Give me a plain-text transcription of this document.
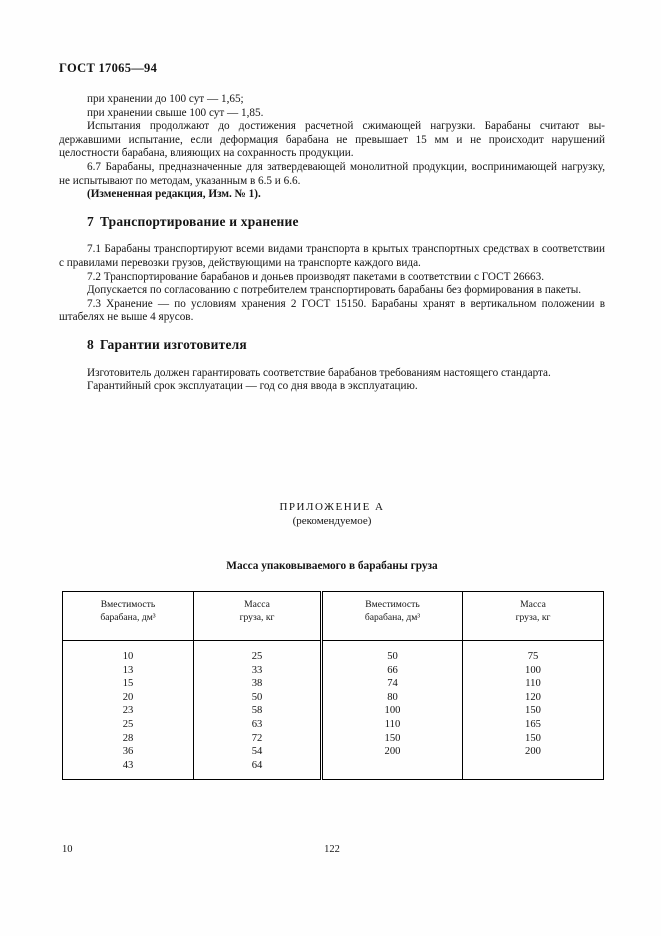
ГОСТ 17065—94

при хранении до 100 сут — 1,65;

при хранении свыше 100 сут — 1,85.

Испытания продолжают до достижения расчетной сжимающей нагрузки. Барабаны считают выдержавшими испытание, если деформация барабана не превышает 15 мм и не происходит нарушений целостности барабана, влияющих на сохранность продукции.

6.7 Барабаны, предназначенные для затвердевающей монолитной продукции, воспринимающей нагрузку, не испытывают по методам, указанным в 6.5 и 6.6.

(Измененная редакция, Изм. № 1).

7 Транспортирование и хранение

7.1 Барабаны транспортируют всеми видами транспорта в крытых транспортных средствах в соответствии с правилами перевозки грузов, действующими на транспорте каждого вида.

7.2 Транспортирование барабанов и доньев производят пакетами в соответствии с ГОСТ 26663.

Допускается по согласованию с потребителем транспортировать барабаны без формирования в пакеты.

7.3 Хранение — по условиям хранения 2 ГОСТ 15150. Барабаны хранят в вертикальном положении в штабелях не выше 4 ярусов.

8 Гарантии изготовителя

Изготовитель должен гарантировать соответствие барабанов требованиям настоящего стандарта.

Гарантийный срок эксплуатации — год со дня ввода в эксплуатацию.

ПРИЛОЖЕНИЕ А
(рекомендуемое)
Масса упаковываемого в барабаны груза
Вместимость
барабана, дм³	Масса
груза, кг	Вместимость
барабана, дм³	Масса
груза, кг
10	25	50	75
13	33	66	100
15	38	74	110
20	50	80	120
23	58	100	150
25	63	110	165
28	72	150	150
36	54	200	200
43	64		
10	122
